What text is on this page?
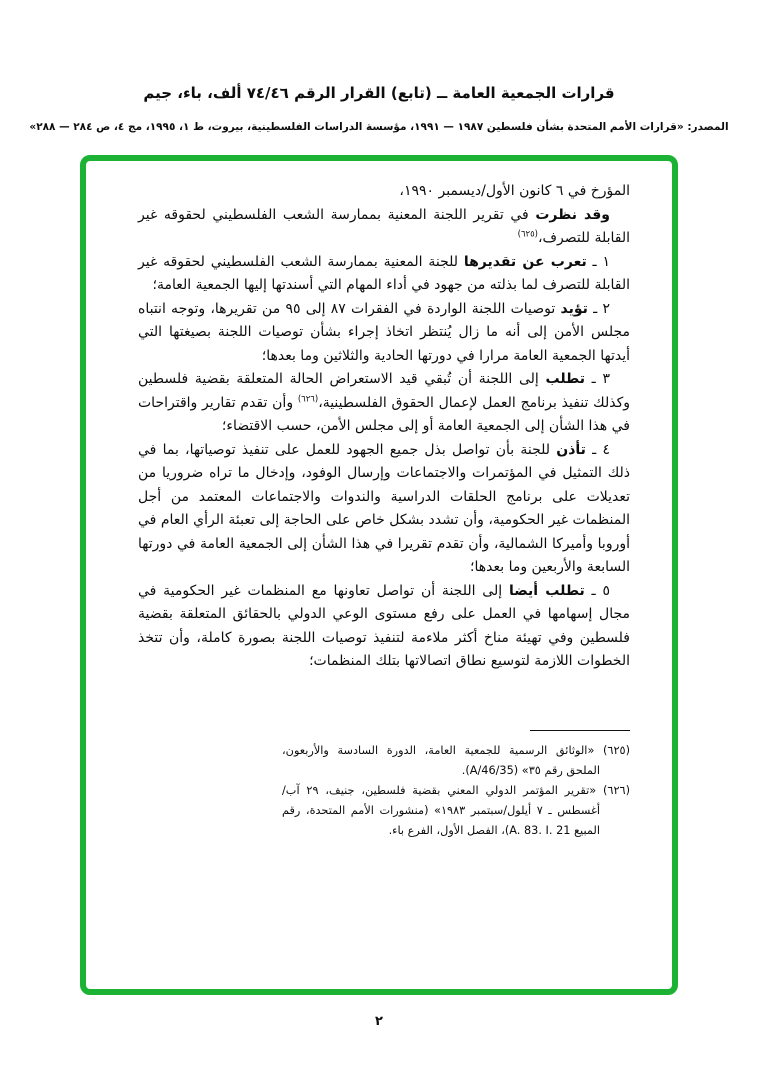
قرارات الجمعية العامة ــ (تابع) القرار الرقم ٧٤/٤٦ ألف، باء، جيم
المصدر: «قرارات الأمم المتحدة بشأن فلسطين ١٩٨٧ — ١٩٩١، مؤسسة الدراسات الفلسطينية، بيروت، ط ١، ١٩٩٥، مج ٤، ص ٢٨٤ — ٢٨٨»

المؤرخ في ٦ كانون الأول/ديسمبر ١٩٩٠،

وقد نظرت في تقرير اللجنة المعنية بممارسة الشعب الفلسطيني لحقوقه غير القابلة للتصرف،$^{(٦٢٥)}$

١ ـ تعرب عن تقديرها للجنة المعنية بممارسة الشعب الفلسطيني لحقوقه غير القابلة للتصرف لما بذلته من جهود في أداء المهام التي أسندتها إليها الجمعية العامة؛

٢ ـ تؤيد توصيات اللجنة الواردة في الفقرات ٨٧ إلى ٩٥ من تقريرها، وتوجه انتباه مجلس الأمن إلى أنه ما زال يُنتظر اتخاذ إجراء بشأن توصيات اللجنة بصيغتها التي أيدتها الجمعية العامة مرارا في دورتها الحادية والثلاثين وما بعدها؛

٣ ـ تطلب إلى اللجنة أن تُبقي قيد الاستعراض الحالة المتعلقة بقضية فلسطين وكذلك تنفيذ برنامج العمل لإعمال الحقوق الفلسطينية،$^{(٦٢٦)}$ وأن تقدم تقارير واقتراحات في هذا الشأن إلى الجمعية العامة أو إلى مجلس الأمن، حسب الاقتضاء؛

٤ ـ تأذن للجنة بأن تواصل بذل جميع الجهود للعمل على تنفيذ توصياتها، بما في ذلك التمثيل في المؤتمرات والاجتماعات وإرسال الوفود، وإدخال ما تراه ضروريا من تعديلات على برنامج الحلقات الدراسية والندوات والاجتماعات المعتمد من أجل المنظمات غير الحكومية، وأن تشدد بشكل خاص على الحاجة إلى تعبئة الرأي العام في أوروبا وأميركا الشمالية، وأن تقدم تقريرا في هذا الشأن إلى الجمعية العامة في دورتها السابعة والأربعين وما بعدها؛

٥ ـ تطلب أيضا إلى اللجنة أن تواصل تعاونها مع المنظمات غير الحكومية في مجال إسهامها في العمل على رفع مستوى الوعي الدولي بالحقائق المتعلقة بقضية فلسطين وفي تهيئة مناخ أكثر ملاءمة لتنفيذ توصيات اللجنة بصورة كاملة، وأن تتخذ الخطوات اللازمة لتوسيع نطاق اتصالاتها بتلك المنظمات؛

(٦٢٥) «الوثائق الرسمية للجمعية العامة، الدورة السادسة والأربعون، الملحق رقم ٣٥» (A/46/35).

(٦٢٦) «تقرير المؤتمر الدولي المعني بقضية فلسطين، جنيف، ٢٩ آب/أغسطس ـ ٧ أيلول/سبتمبر ١٩٨٣» (منشورات الأمم المتحدة، رقم المبيع A. 83. I. 21)، الفصل الأول، الفرع باء.

٢
